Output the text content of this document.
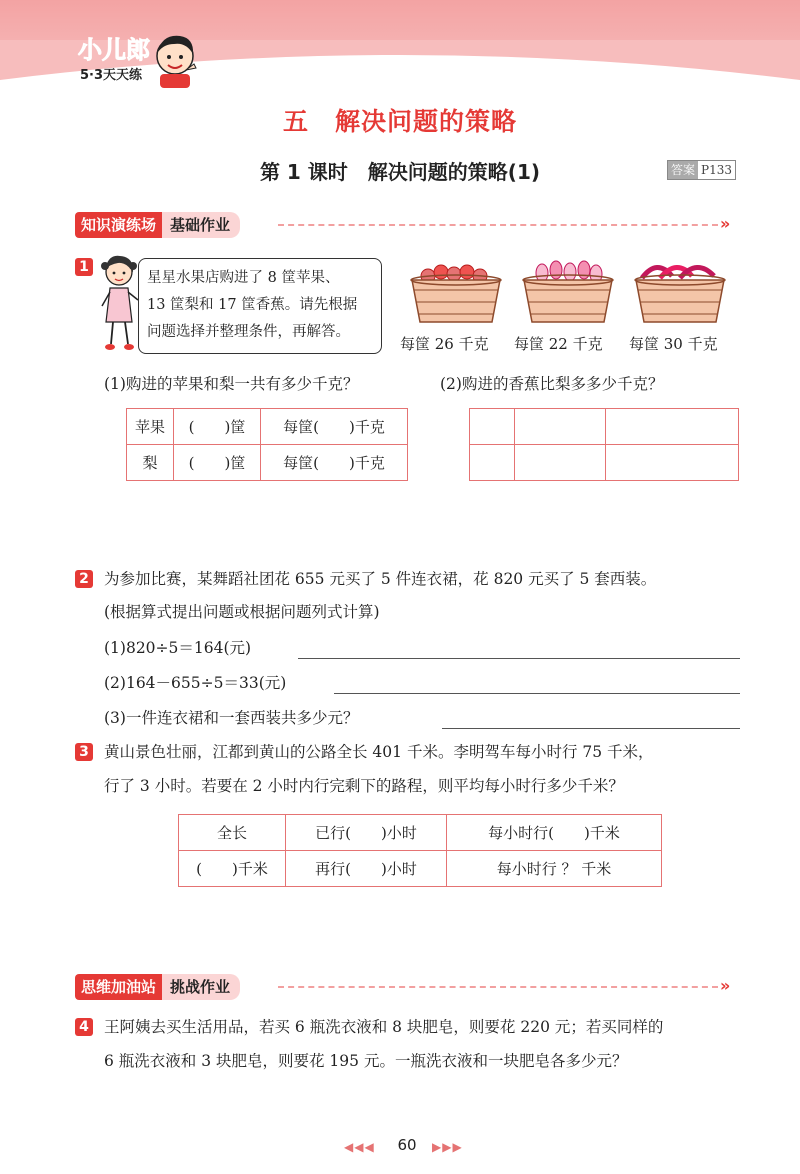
小儿郎
5·3天天练
五　解决问题的策略
第 1 课时　解决问题的策略(1)	答案 P133
知识演练场 基础作业	»
1
星星水果店购进了 8 筐苹果、
13 筐梨和 17 筐香蕉。请先根据
问题选择并整理条件，再解答。
每筐 26 千克 每筐 22 千克 每筐 30 千克
(1)购进的苹果和梨一共有多少千克？	(2)购进的香蕉比梨多多少千克？
苹果	(　　)筐	每筐(　　)千克
梨	(　　)筐	每筐(　　)千克

2 为参加比赛，某舞蹈社团花 655 元买了 5 件连衣裙，花 820 元买了 5 套西装。
(根据算式提出问题或根据问题列式计算)
(1)820÷5＝164(元)
(2)164－655÷5＝33(元)
(3)一件连衣裙和一套西装共多少元？
3 黄山景色壮丽，江都到黄山的公路全长 401 千米。李明驾车每小时行 75 千米，
行了 3 小时。若要在 2 小时内行完剩下的路程，则平均每小时行多少千米？
全长	已行(　　)小时	每小时行(　　)千米
(　　)千米	再行(　　)小时	每小时行 ？ 千米
思维加油站 挑战作业	»
4 王阿姨去买生活用品，若买 6 瓶洗衣液和 8 块肥皂，则要花 220 元；若买同样的
6 瓶洗衣液和 3 块肥皂，则要花 195 元。一瓶洗衣液和一块肥皂各多少元？
◀◀◀	60	▶▶▶
